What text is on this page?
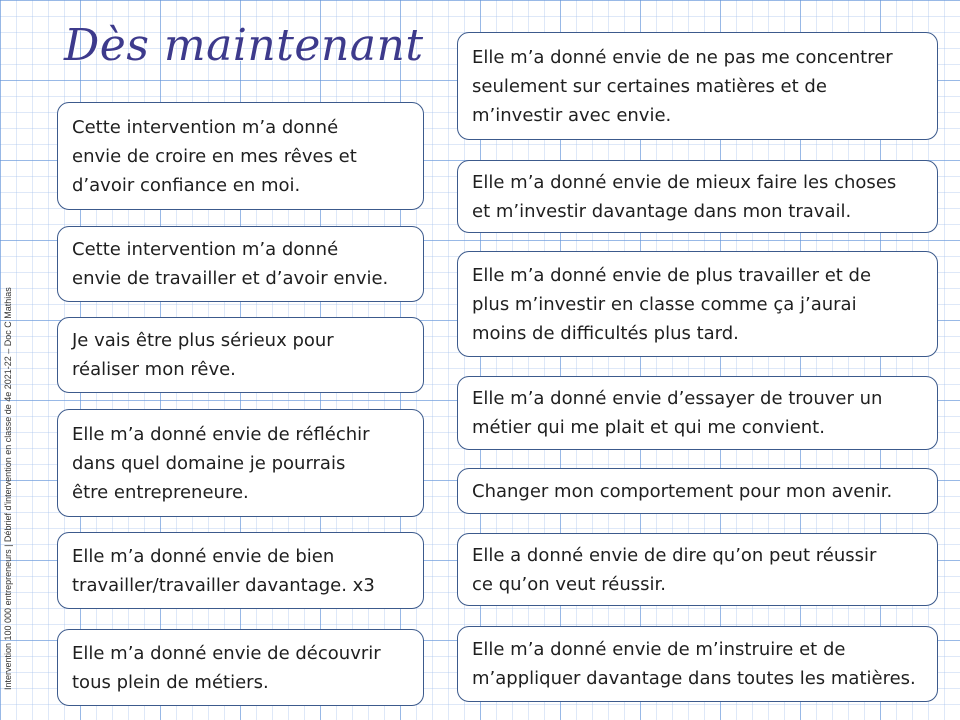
Dès maintenant
Intervention 100 000 entrepreneurs | Débrief d'intervention en classe de 4e 2021-22 – Doc C Mathias
Cette intervention m’a donné
envie de croire en mes rêves et
d’avoir confiance en moi.
Cette intervention m’a donné
envie de travailler et d’avoir envie.
Je vais être plus sérieux pour
réaliser mon rêve.
Elle m’a donné envie de réfléchir
dans quel domaine je pourrais
être entrepreneure.
Elle m’a donné envie de bien
travailler/travailler davantage. x3
Elle m’a donné envie de découvrir
tous plein de métiers.
Elle m’a donné envie de ne pas me concentrer
seulement sur certaines matières et de
m’investir avec envie.
Elle m’a donné envie de mieux faire les choses
et m’investir davantage dans mon travail.
Elle m’a donné envie de plus travailler et de
plus m’investir en classe comme ça j’aurai
moins de difficultés plus tard.
Elle m’a donné envie d’essayer de trouver un
métier qui me plait et qui me convient.
Changer mon comportement pour mon avenir.
Elle a donné envie de dire qu’on peut réussir
ce qu’on veut réussir.
Elle m’a donné envie de m’instruire et de
m’appliquer davantage dans toutes les matières.
